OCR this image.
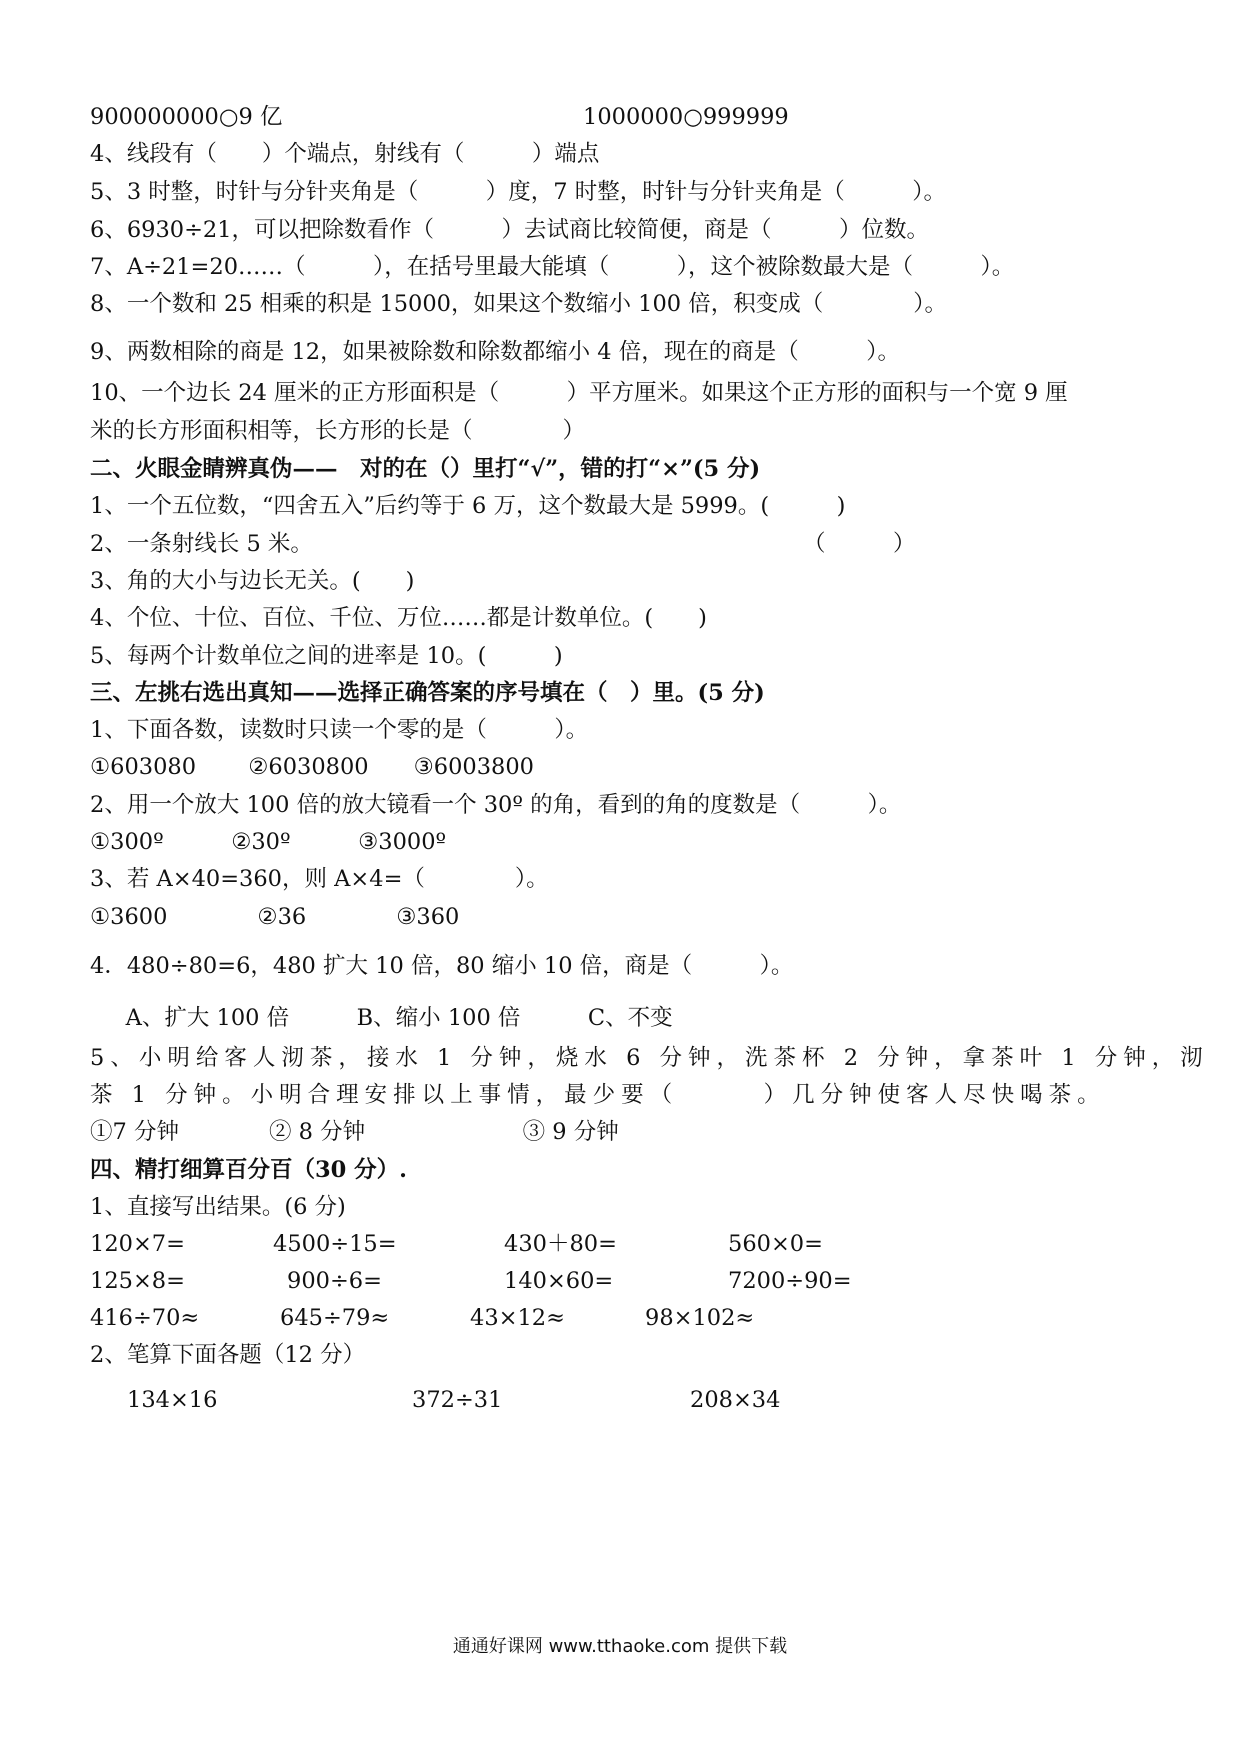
900000000○9 亿	1000000○999999
4、线段有（　　）个端点，射线有（　　　）端点
5、3 时整，时针与分针夹角是（　　　）度，7 时整，时针与分针夹角是（　　　）。
6、6930÷21，可以把除数看作（　　　）去试商比较简便，商是（　　　）位数。
7、A÷21=20……（　　　），在括号里最大能填（　　　），这个被除数最大是（　　　）。
8、一个数和 25 相乘的积是 15000，如果这个数缩小 100 倍，积变成（　　　　）。
9、两数相除的商是 12，如果被除数和除数都缩小 4 倍，现在的商是（　　　）。
10、一个边长 24 厘米的正方形面积是（　　　）平方厘米。如果这个正方形的面积与一个宽 9 厘
米的长方形面积相等，长方形的长是（　　　　）
二、火眼金睛辨真伪——　对的在（）里打“√”，错的打“×”(5 分)
1、一个五位数，“四舍五入”后约等于 6 万，这个数最大是 5999。(　　　)
2、一条射线长 5 米。	（　　　）
3、角的大小与边长无关。(　　)
4、个位、十位、百位、千位、万位……都是计数单位。(　　)
5、每两个计数单位之间的进率是 10。(　　　)
三、左挑右选出真知——选择正确答案的序号填在（　）里。(5 分)
1、下面各数，读数时只读一个零的是（　　　）。
①603080　　 ②6030800　　③6003800
2、用一个放大 100 倍的放大镜看一个 30º 的角，看到的角的度数是（　　　）。
①300º　　　②30º　　　③3000º
3、若 A×40=360，则 A×4=（　　　　）。
①3600　　　　②36　　　　③360
4．480÷80=6，480 扩大 10 倍，80 缩小 10 倍，商是（　　　）。
　 A、扩大 100 倍　　　B、缩小 100 倍　　　C、不变
5、小明给客人沏茶，接水 1 分钟，烧水 6 分钟，洗茶杯 2 分钟，拿茶叶 1 分钟，沏
茶 1 分钟。小明合理安排以上事情，最少要（　　　）几分钟使客人尽快喝茶。
①7 分钟　　　　② 8 分钟　　　　　　　③ 9 分钟
四、精打细算百分百（30 分）.
1、直接写出结果。(6 分)
120×7=	4500÷15=	430＋80=	560×0=
125×8=	900÷6=	140×60=	7200÷90=
416÷70≈	645÷79≈	43×12≈	98×102≈
2、笔算下面各题（12 分）
134×16	372÷31	208×34
通通好课网 www.tthaoke.com 提供下载
